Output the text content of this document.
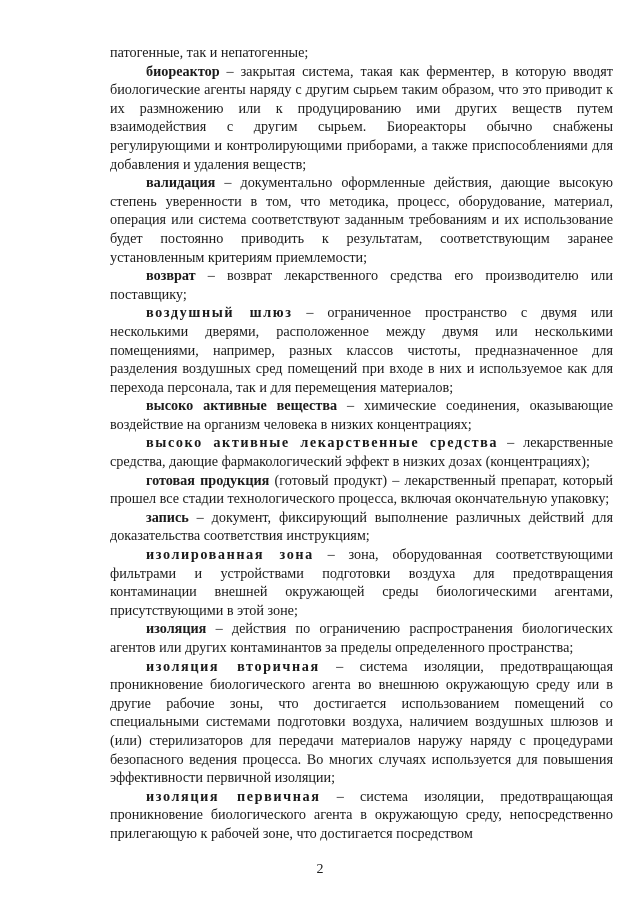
патогенные, так и непатогенные;

биореактор – закрытая система, такая как ферментер, в которую вводят биологические агенты наряду с другим сырьем таким образом, что это приводит к их размножению или к продуцированию ими других веществ путем взаимодействия с другим сырьем. Биореакторы обычно снабжены регулирующими и контролирующими приборами, а также приспособлениями для добавления и удаления веществ;

валидация – документально оформленные действия, дающие высокую степень уверенности в том, что методика, процесс, оборудование, материал, операция или система соответствуют заданным требованиям и их использование будет постоянно приводить к результатам, соответствующим заранее установленным критериям приемлемости;

возврат – возврат лекарственного средства его производителю или поставщику;

воздушный шлюз – ограниченное пространство с двумя или несколькими дверями, расположенное между двумя или несколькими помещениями, например, разных классов чистоты, предназначенное для разделения воздушных сред помещений при входе в них и используемое как для перехода персонала, так и для перемещения материалов;

высоко активные вещества – химические соединения, оказывающие воздействие на организм человека в низких концентрациях;

высоко активные лекарственные средства – лекарственные средства, дающие фармакологический эффект в низких дозах (концентрациях);

готовая продукция (готовый продукт) – лекарственный препарат, который прошел все стадии технологического процесса, включая окончательную упаковку;

запись – документ, фиксирующий выполнение различных действий для доказательства соответствия инструкциям;

изолированная зона – зона, оборудованная соответствующими фильтрами и устройствами подготовки воздуха для предотвращения контаминации внешней окружающей среды биологическими агентами, присутствующими в этой зоне;

изоляция – действия по ограничению распространения биологических агентов или других контаминантов за пределы определенного пространства;

изоляция вторичная – система изоляции, предотвращающая проникновение биологического агента во внешнюю окружающую среду или в другие рабочие зоны, что достигается использованием помещений со специальными системами подготовки воздуха, наличием воздушных шлюзов и (или) стерилизаторов для передачи материалов наружу наряду с процедурами безопасного ведения процесса. Во многих случаях используется для повышения эффективности первичной изоляции;

изоляция первичная – система изоляции, предотвращающая проникновение биологического агента в окружающую среду, непосредственно прилегающую к рабочей зоне, что достигается посредством

2
